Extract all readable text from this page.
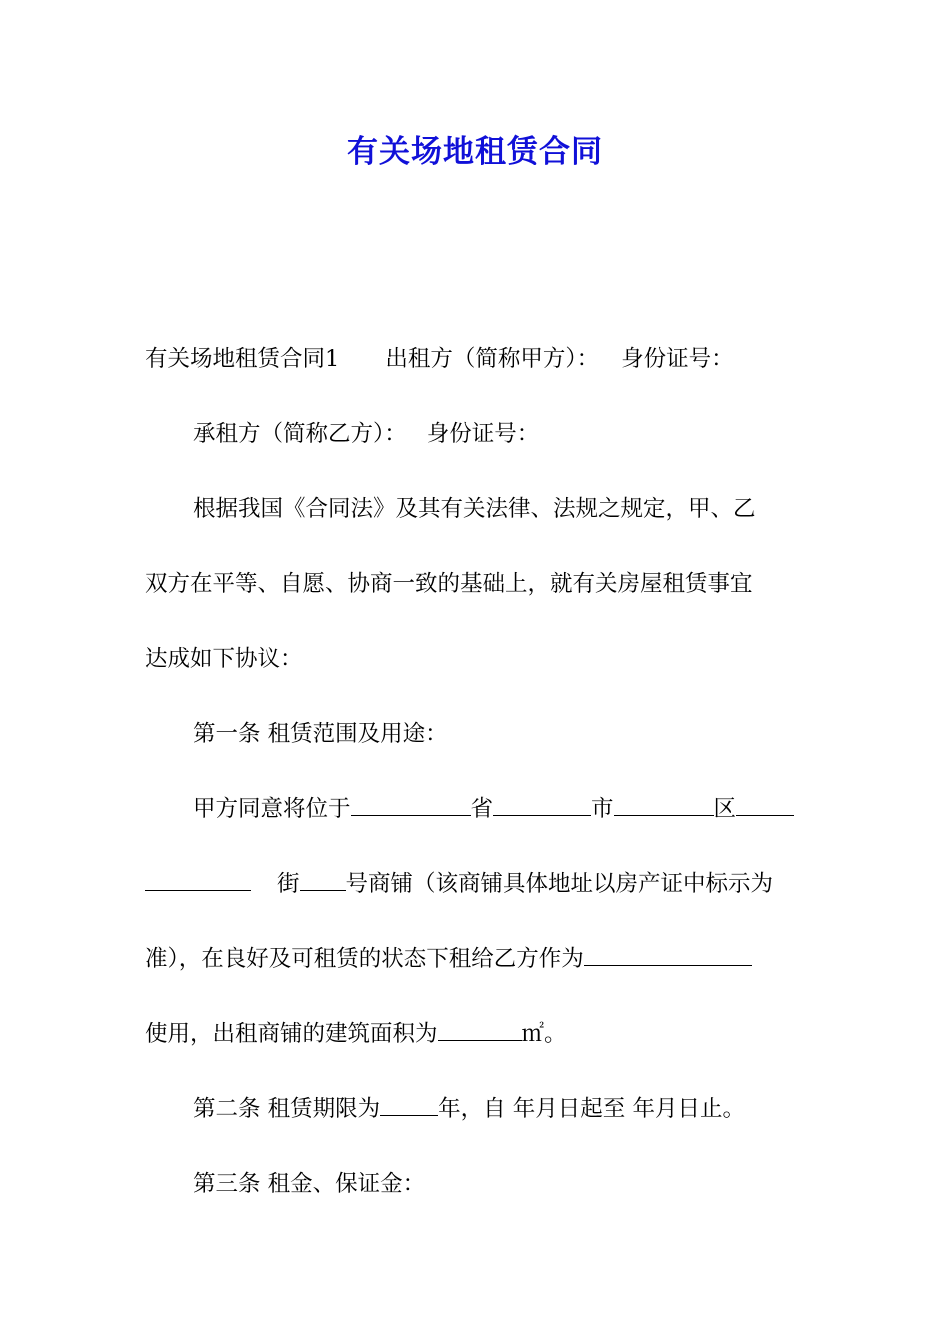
有关场地租赁合同
有关场地租赁合同1 出租方（简称甲方）： 身份证号：
承租方（简称乙方）： 身份证号：
根据我国《合同法》及其有关法律、法规之规定，甲、乙
双方在平等、自愿、协商一致的基础上，就有关房屋租赁事宜
达成如下协议：
第一条 租赁范围及用途：
甲方同意将位于	省	市	区
街 号商铺（该商铺具体地址以房产证中标示为
准），在良好及可租赁的状态下租给乙方作为
使用，出租商铺的建筑面积为	㎡。
第二条 租赁期限为	年，自 年月日起至 年月日止。
第三条 租金、保证金：
